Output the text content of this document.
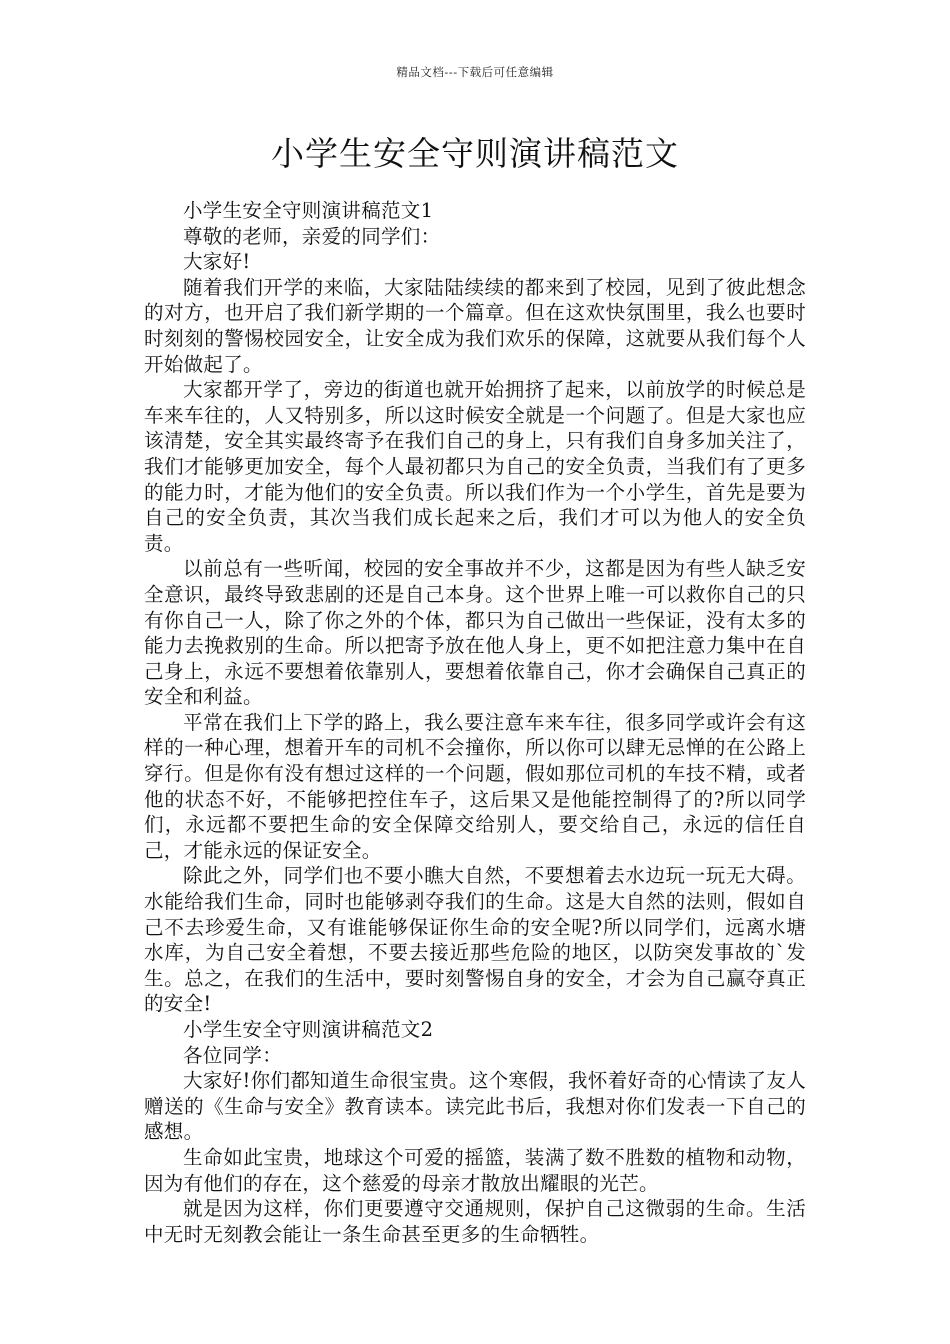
精品文档---下载后可任意编辑
小学生安全守则演讲稿范文

小学生安全守则演讲稿范文1

尊敬的老师，亲爱的同学们：

大家好!

随着我们开学的来临，大家陆陆续续的都来到了校园，见到了彼此想念的对方，也开启了我们新学期的一个篇章。但在这欢快氛围里，我么也要时时刻刻的警惕校园安全，让安全成为我们欢乐的保障，这就要从我们每个人开始做起了。

大家都开学了，旁边的街道也就开始拥挤了起来，以前放学的时候总是车来车往的，人又特别多，所以这时候安全就是一个问题了。但是大家也应该清楚，安全其实最终寄予在我们自己的身上，只有我们自身多加关注了，我们才能够更加安全，每个人最初都只为自己的安全负责，当我们有了更多的能力时，才能为他们的安全负责。所以我们作为一个小学生，首先是要为自己的安全负责，其次当我们成长起来之后，我们才可以为他人的安全负责。

以前总有一些听闻，校园的安全事故并不少，这都是因为有些人缺乏安全意识，最终导致悲剧的还是自己本身。这个世界上唯一可以救你自己的只有你自己一人，除了你之外的个体，都只为自己做出一些保证，没有太多的能力去挽救别的生命。所以把寄予放在他人身上，更不如把注意力集中在自己身上，永远不要想着依靠别人，要想着依靠自己，你才会确保自己真正的安全和利益。

平常在我们上下学的路上，我么要注意车来车往，很多同学或许会有这样的一种心理，想着开车的司机不会撞你，所以你可以肆无忌惮的在公路上穿行。但是你有没有想过这样的一个问题，假如那位司机的车技不精，或者他的状态不好，不能够把控住车子，这后果又是他能控制得了的?所以同学们，永远都不要把生命的安全保障交给别人，要交给自己，永远的信任自己，才能永远的保证安全。

除此之外，同学们也不要小瞧大自然，不要想着去水边玩一玩无大碍。水能给我们生命，同时也能够剥夺我们的生命。这是大自然的法则，假如自己不去珍爱生命，又有谁能够保证你生命的安全呢?所以同学们，远离水塘水库，为自己安全着想，不要去接近那些危险的地区，以防突发事故的`发生。总之，在我们的生活中，要时刻警惕自身的安全，才会为自己赢夺真正的安全!

小学生安全守则演讲稿范文2

各位同学：

大家好!你们都知道生命很宝贵。这个寒假，我怀着好奇的心情读了友人赠送的《生命与安全》教育读本。读完此书后，我想对你们发表一下自己的感想。

生命如此宝贵，地球这个可爱的摇篮，装满了数不胜数的植物和动物，因为有他们的存在，这个慈爱的母亲才散放出耀眼的光芒。

就是因为这样，你们更要遵守交通规则，保护自己这微弱的生命。生活中无时无刻教会能让一条生命甚至更多的生命牺牲。
